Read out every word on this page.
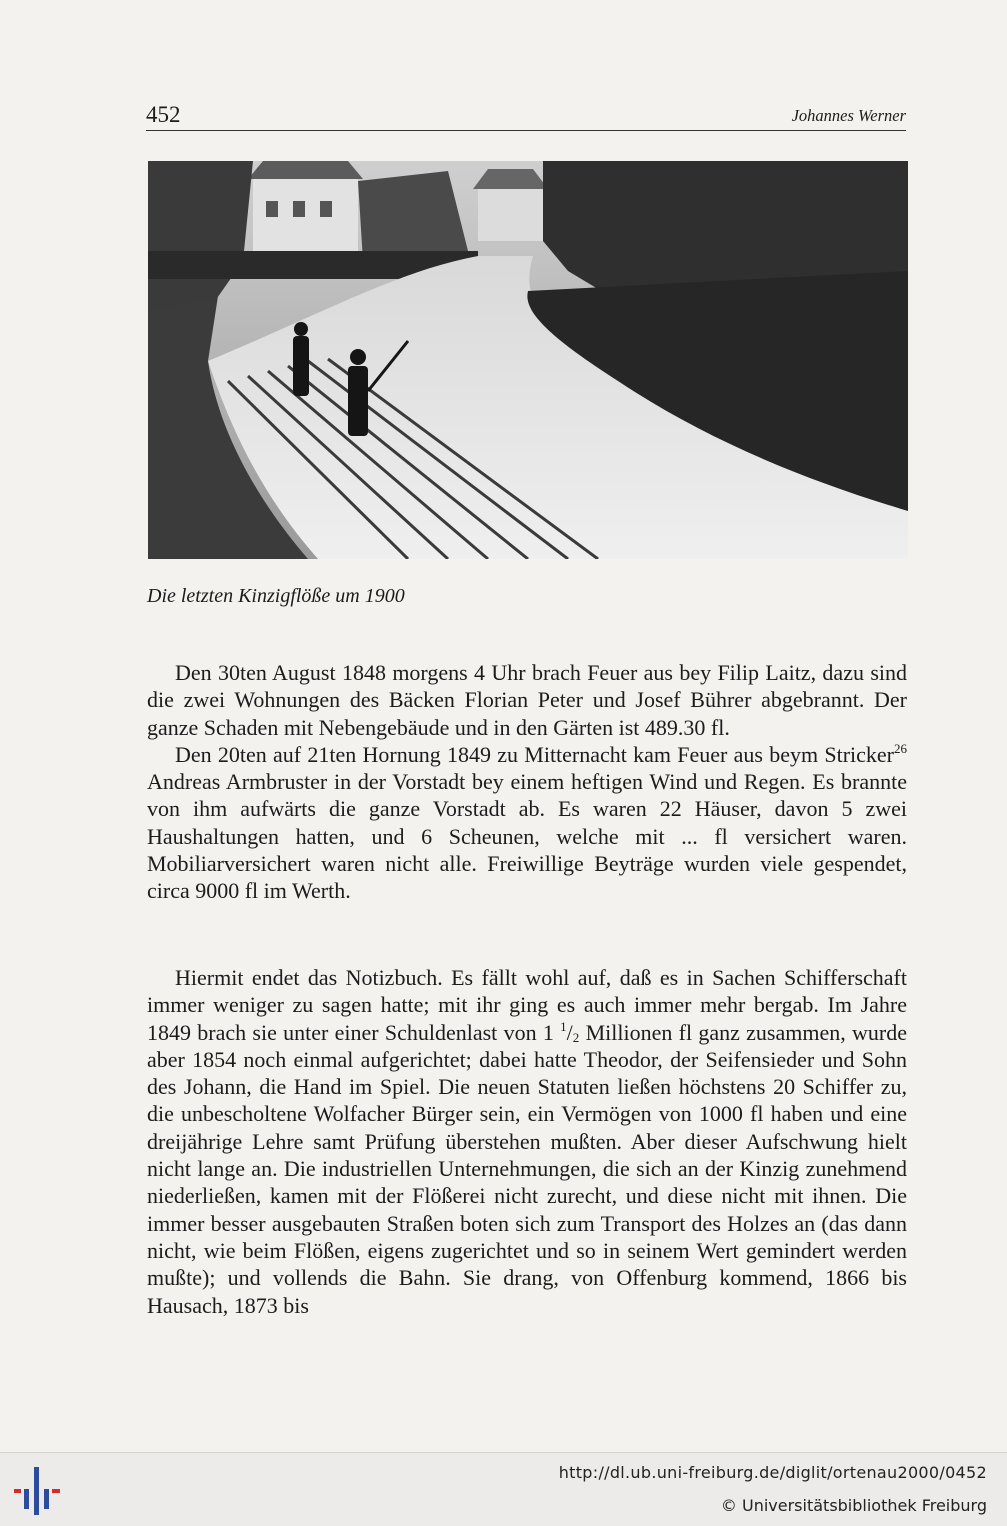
452	Johannes Werner
Die letzten Kinzigflöße um 1900

Den 30ten August 1848 morgens 4 Uhr brach Feuer aus bey Filip Laitz, dazu sind die zwei Wohnungen des Bäcken Florian Peter und Josef Bührer abgebrannt. Der ganze Schaden mit Nebengebäude und in den Gärten ist 489.30 fl.

Den 20ten auf 21ten Hornung 1849 zu Mitternacht kam Feuer aus beym Stricker$^{26}$ Andreas Armbruster in der Vorstadt bey einem heftigen Wind und Regen. Es brannte von ihm aufwärts die ganze Vorstadt ab. Es waren 22 Häuser, davon 5 zwei Haushaltungen hatten, und 6 Scheunen, welche mit ... fl versichert waren. Mobiliarversichert waren nicht alle. Freiwillige Beyträge wurden viele gespendet, circa 9000 fl im Werth.

Hiermit endet das Notizbuch. Es fällt wohl auf, daß es in Sachen Schifferschaft immer weniger zu sagen hatte; mit ihr ging es auch immer mehr bergab. Im Jahre 1849 brach sie unter einer Schuldenlast von 1 $^1/_2$ Millionen fl ganz zusammen, wurde aber 1854 noch einmal aufgerichtet; dabei hatte Theodor, der Seifensieder und Sohn des Johann, die Hand im Spiel. Die neuen Statuten ließen höchstens 20 Schiffer zu, die unbescholtene Wolfacher Bürger sein, ein Vermögen von 1000 fl haben und eine dreijährige Lehre samt Prüfung überstehen mußten. Aber dieser Aufschwung hielt nicht lange an. Die industriellen Unternehmungen, die sich an der Kinzig zunehmend niederließen, kamen mit der Flößerei nicht zurecht, und diese nicht mit ihnen. Die immer besser ausgebauten Straßen boten sich zum Transport des Holzes an (das dann nicht, wie beim Flößen, eigens zugerichtet und so in seinem Wert gemindert werden mußte); und vollends die Bahn. Sie drang, von Offenburg kommend, 1866 bis Hausach, 1873 bis

http://dl.ub.uni-freiburg.de/diglit/ortenau2000/0452
© Universitätsbibliothek Freiburg
